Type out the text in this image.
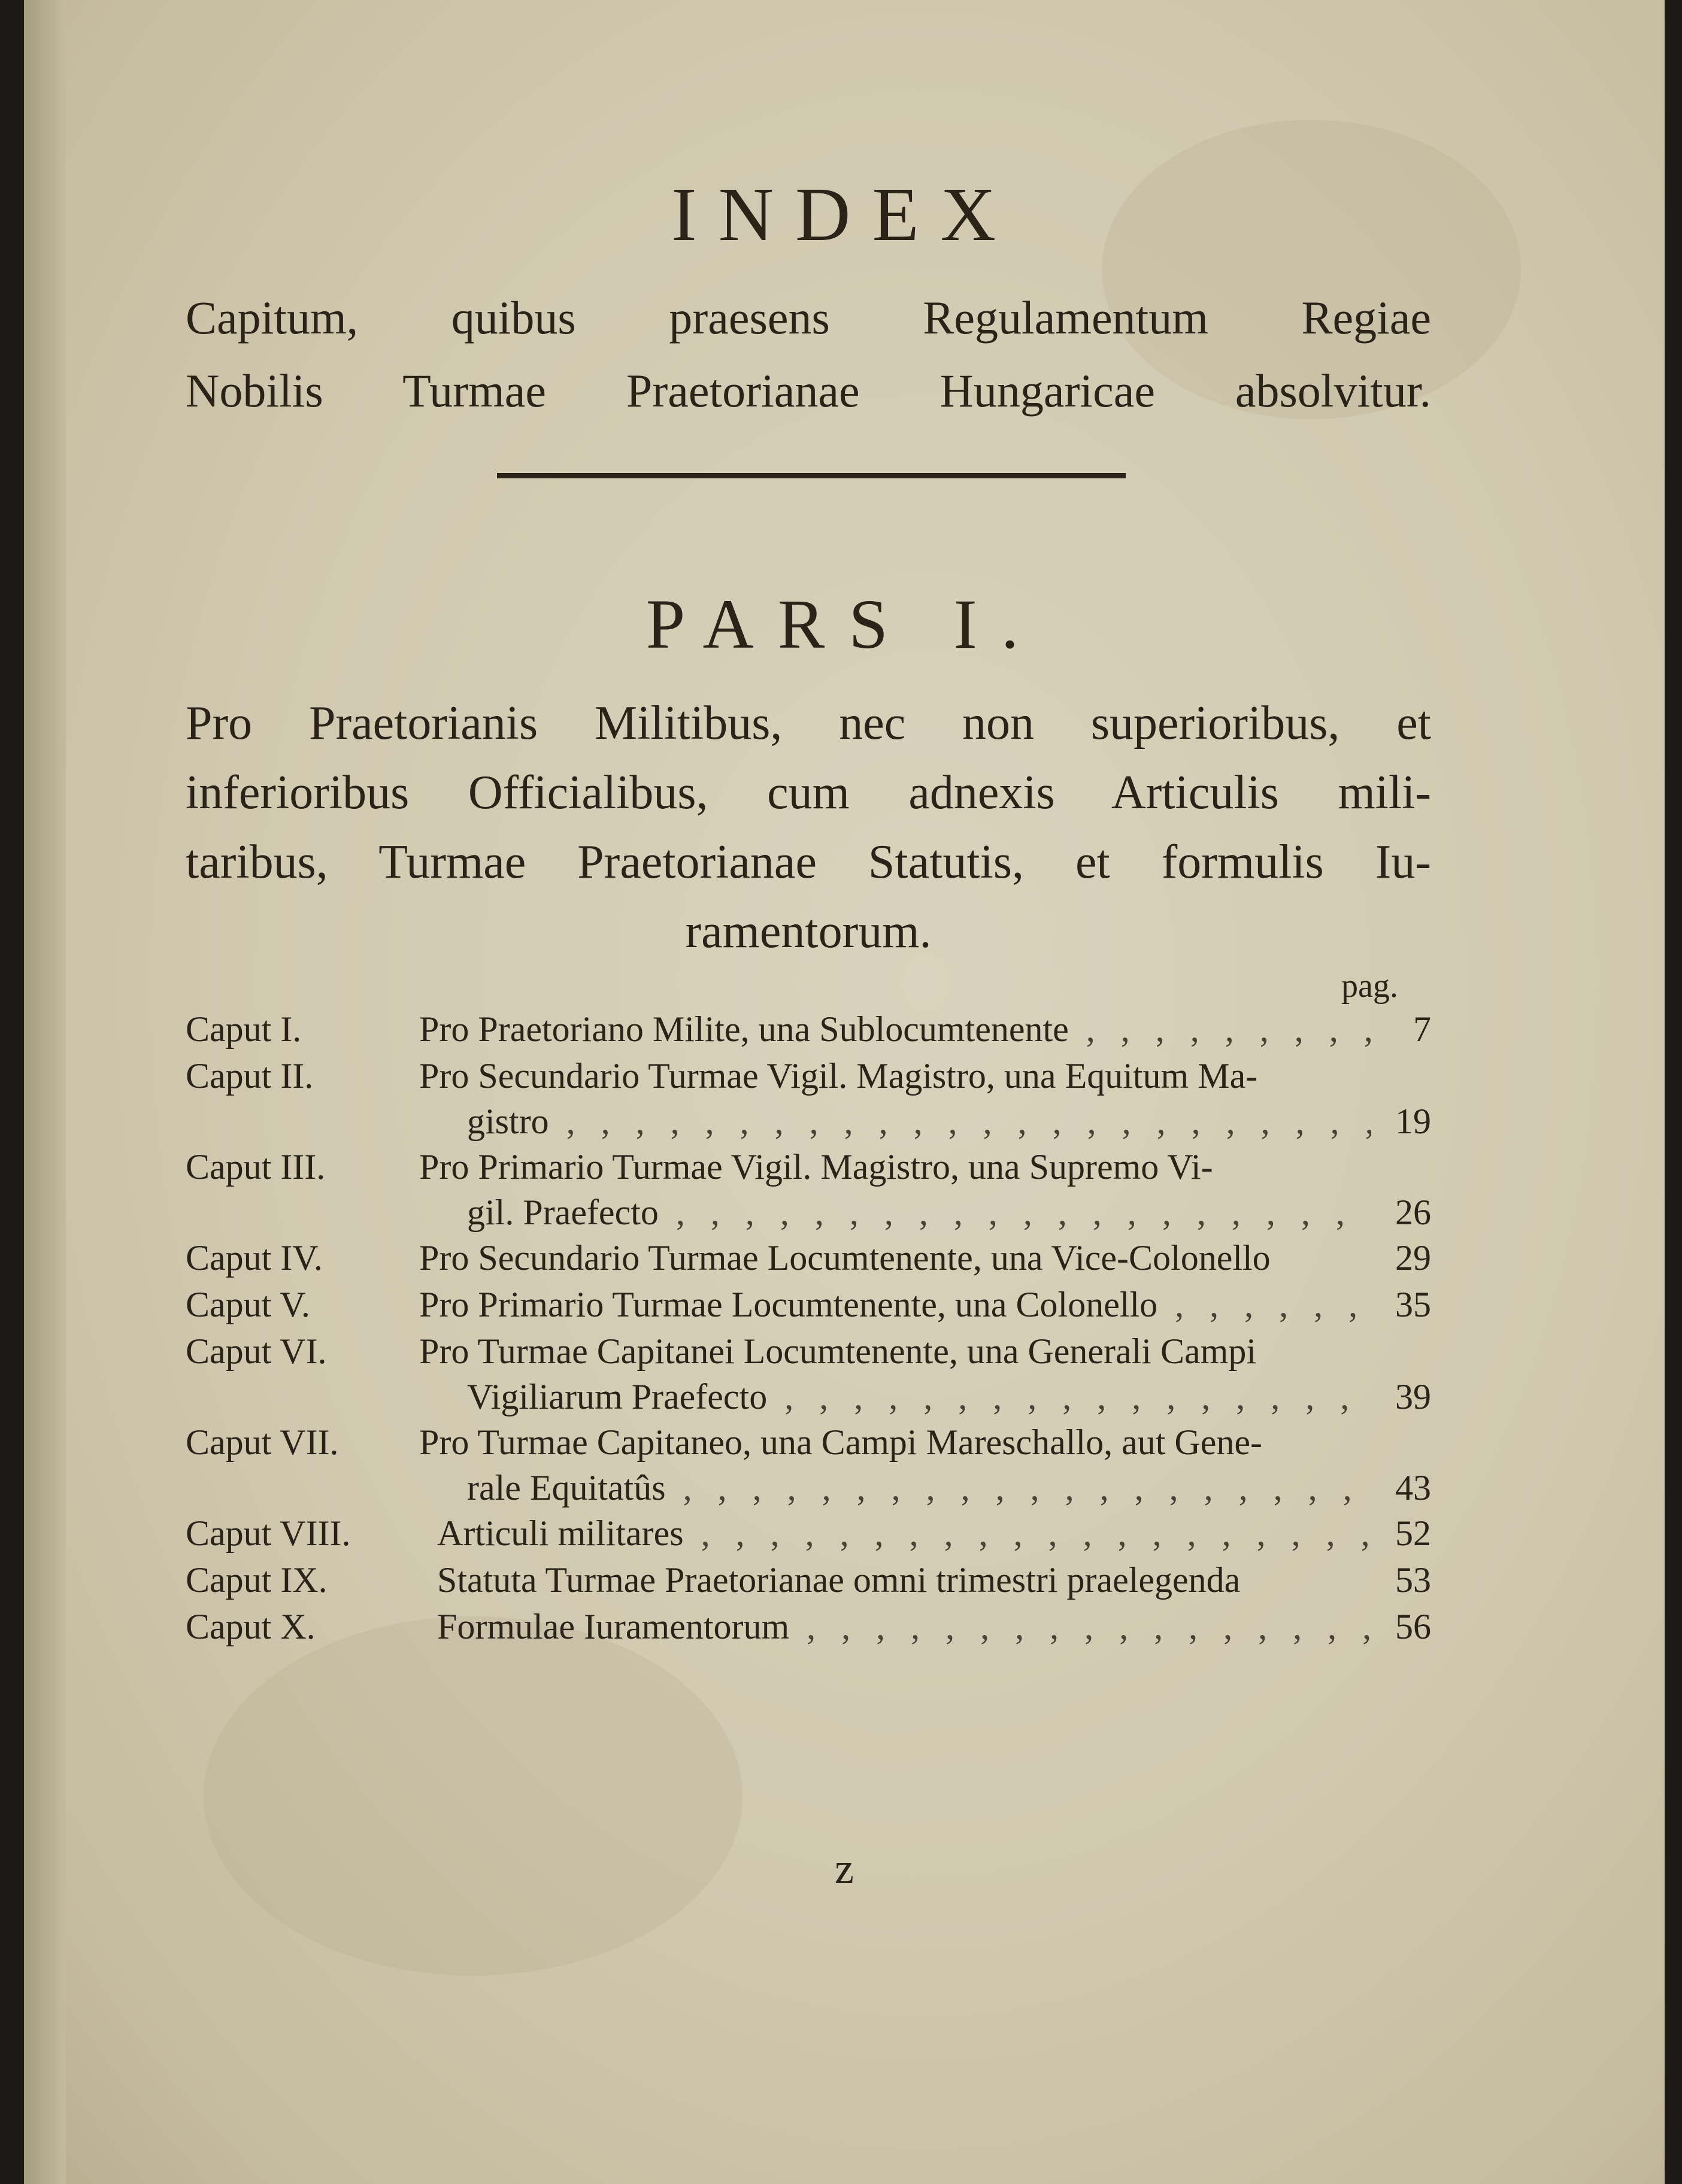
INDEX
Capitum, quibus praesens Regulamentum Regiae
Nobilis Turmae Praetorianae Hungaricae absolvitur.
PARS I.
Pro Praetorianis Militibus, nec non superioribus, et
inferioribus Officialibus, cum adnexis Articulis mili-
taribus, Turmae Praetorianae Statutis, et formulis Iu-
ramentorum.
pag.
Caput I.	Pro Praetoriano Milite, una Sublocumtenente , , , , , , , , , , , , , , , , , , , , , , , , , , , , , ,	7
Caput II.	Pro Secundario Turmae Vigil. Magistro, una Equitum Ma-
gistro , , , , , , , , , , , , , , , , , , , , , , , , , , , , , ,	19
Caput III.	Pro Primario Turmae Vigil. Magistro, una Supremo Vi-
gil. Praefecto , , , , , , , , , , , , , , , , , , , , , , , , , , , , , ,	26
Caput IV.	Pro Secundario Turmae Locumtenente, una Vice-Colonello	29
Caput V.	Pro Primario Turmae Locumtenente, una Colonello , , , , , , , , , , , , , , , , , , , , , , , , , , , , , ,	35
Caput VI.	Pro Turmae Capitanei Locumtenente, una Generali Campi
Vigiliarum Praefecto , , , , , , , , , , , , , , , , , , , , , , , , , , , , , ,	39
Caput VII.	Pro Turmae Capitaneo, una Campi Mareschallo, aut Gene-
rale Equitatûs , , , , , , , , , , , , , , , , , , , , , , , , , , , , , ,	43
Caput VIII.	Articuli militares , , , , , , , , , , , , , , , , , , , , , , , , , , , , , ,	52
Caput IX.	Statuta Turmae Praetorianae omni trimestri praelegenda	53
Caput X.	Formulae Iuramentorum , , , , , , , , , , , , , , , , , , , , , , , , , , , , , ,	56
z
